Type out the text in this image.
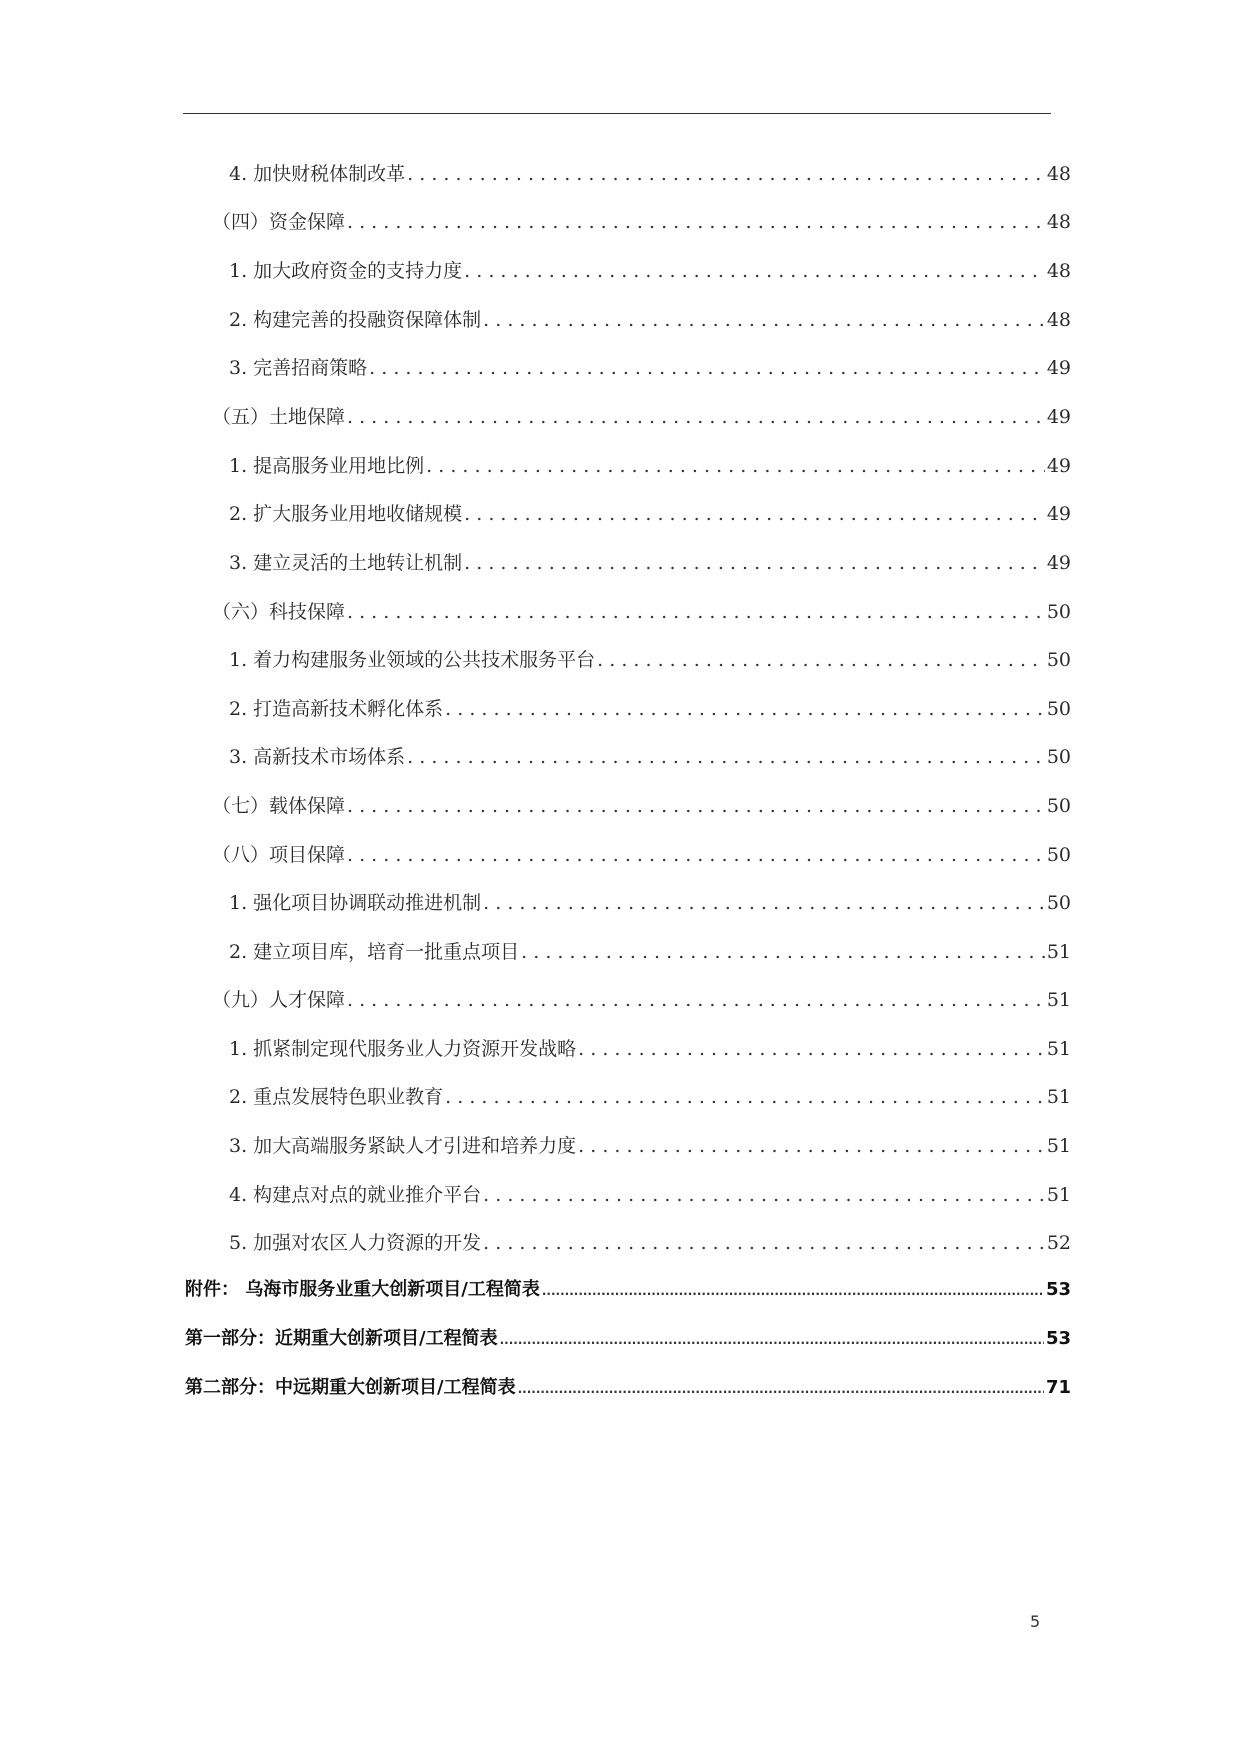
4. 加快财税体制改革 . . .	48
（四）资金保障 . . .	48
1. 加大政府资金的支持力度 . . .	48
2. 构建完善的投融资保障体制 . . .	48
3. 完善招商策略 . . .	49
（五）土地保障 . . .	49
1. 提高服务业用地比例 . . .	49
2. 扩大服务业用地收储规模 . . .	49
3. 建立灵活的土地转让机制 . . .	49
（六）科技保障 . . .	50
1. 着力构建服务业领域的公共技术服务平台 . . .	50
2. 打造高新技术孵化体系 . . .	50
3. 高新技术市场体系 . . .	50
（七）载体保障 . . .	50
（八）项目保障 . . .	50
1. 强化项目协调联动推进机制 . . .	50
2. 建立项目库，培育一批重点项目 . . .	51
（九）人才保障 . . .	51
1. 抓紧制定现代服务业人力资源开发战略 . . .	51
2. 重点发展特色职业教育 . . .	51
3. 加大高端服务紧缺人才引进和培养力度 . . .	51
4. 构建点对点的就业推介平台 . . .	51
5. 加强对农区人力资源的开发 . . .	52
附件： 乌海市服务业重大创新项目/工程简表 .....	53
第一部分：近期重大创新项目/工程简表 .....	53
第二部分：中远期重大创新项目/工程简表 .....	71
5
